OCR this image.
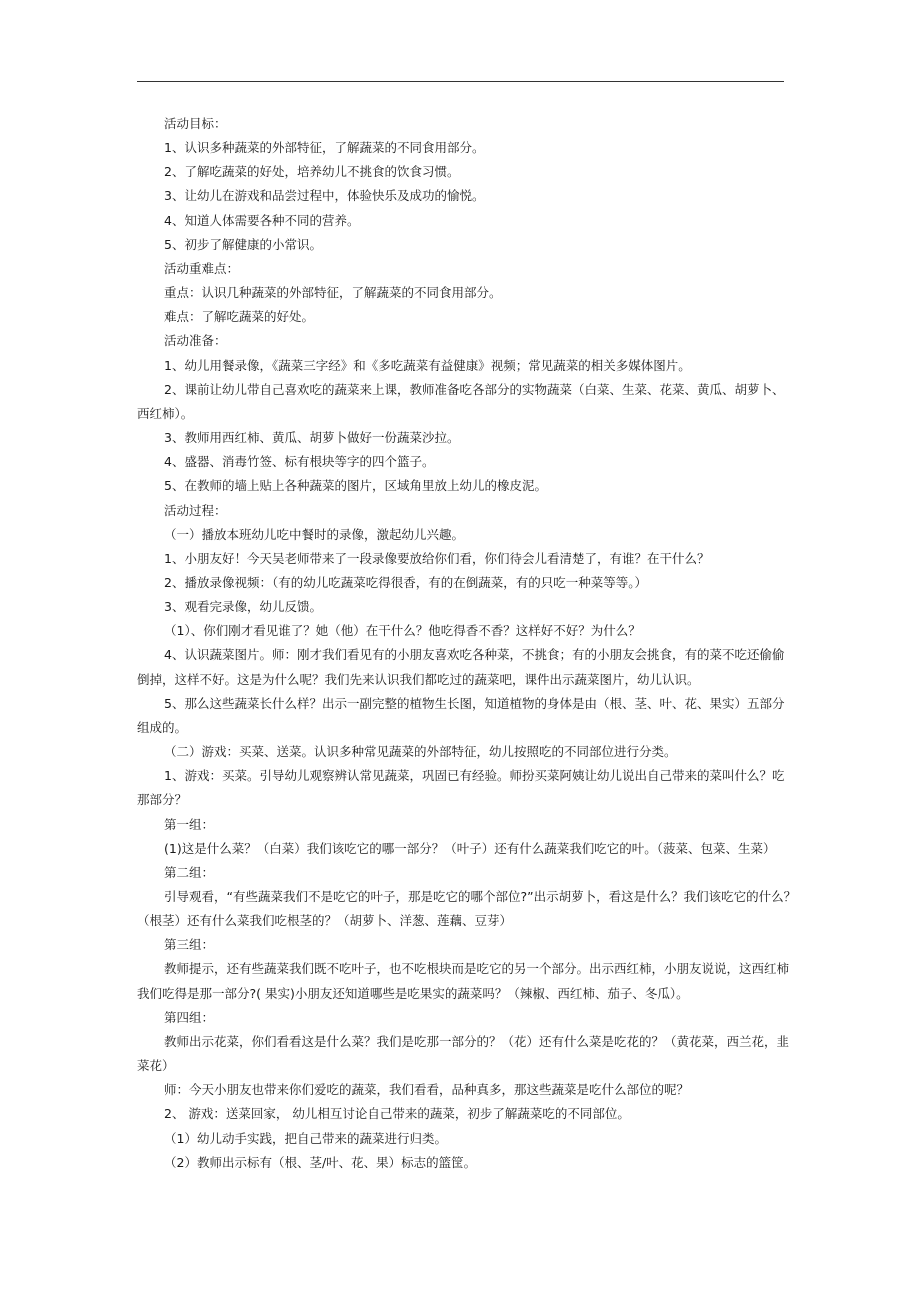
活动目标：
1、认识多种蔬菜的外部特征，了解蔬菜的不同食用部分。
2、了解吃蔬菜的好处，培养幼儿不挑食的饮食习惯。
3、让幼儿在游戏和品尝过程中，体验快乐及成功的愉悦。
4、知道人体需要各种不同的营养。
5、初步了解健康的小常识。
活动重难点：
重点：认识几种蔬菜的外部特征，了解蔬菜的不同食用部分。
难点：了解吃蔬菜的好处。
活动准备：
1、幼儿用餐录像，《蔬菜三字经》和《多吃蔬菜有益健康》视频；常见蔬菜的相关多媒体图片。
2、课前让幼儿带自己喜欢吃的蔬菜来上课，教师准备吃各部分的实物蔬菜（白菜、生菜、花菜、黄瓜、胡萝卜、
西红柿）。
3、教师用西红柿、黄瓜、胡萝卜做好一份蔬菜沙拉。
4、盛器、消毒竹签、标有根块等字的四个篮子。
5、在教师的墙上贴上各种蔬菜的图片，区域角里放上幼儿的橡皮泥。
活动过程：
（一）播放本班幼儿吃中餐时的录像，激起幼儿兴趣。
1、小朋友好！今天吴老师带来了一段录像要放给你们看，你们待会儿看清楚了，有谁？在干什么？
2、播放录像视频：（有的幼儿吃蔬菜吃得很香，有的在倒蔬菜，有的只吃一种菜等等。）
3、观看完录像，幼儿反馈。
（1）、你们刚才看见谁了？她（他）在干什么？他吃得香不香？这样好不好？为什么？
4、认识蔬菜图片。师：刚才我们看见有的小朋友喜欢吃各种菜，不挑食；有的小朋友会挑食，有的菜不吃还偷偷
倒掉，这样不好。这是为什么呢？我们先来认识我们都吃过的蔬菜吧，课件出示蔬菜图片，幼儿认识。
5、那么这些蔬菜长什么样？出示一副完整的植物生长图，知道植物的身体是由（根、茎、叶、花、果实）五部分
组成的。
（二）游戏：买菜、送菜。认识多种常见蔬菜的外部特征，幼儿按照吃的不同部位进行分类。
1、游戏：买菜。引导幼儿观察辨认常见蔬菜，巩固已有经验。师扮买菜阿姨让幼儿说出自己带来的菜叫什么？吃
那部分？
第一组：
(1)这是什么菜？（白菜）我们该吃它的哪一部分？（叶子）还有什么蔬菜我们吃它的叶。（菠菜、包菜、生菜）
第二组：
引导观看，“有些蔬菜我们不是吃它的叶子，那是吃它的哪个部位?”出示胡萝卜，看这是什么？我们该吃它的什么？
（根茎）还有什么菜我们吃根茎的？（胡萝卜、洋葱、莲藕、豆芽）
第三组：
教师提示，还有些蔬菜我们既不吃叶子，也不吃根块而是吃它的另一个部分。出示西红柿，小朋友说说，这西红柿
我们吃得是那一部分?( 果实)小朋友还知道哪些是吃果实的蔬菜吗？（辣椒、西红柿、茄子、冬瓜）。
第四组：
教师出示花菜，你们看看这是什么菜？我们是吃那一部分的？（花）还有什么菜是吃花的？（黄花菜，西兰花，韭
菜花）
师：今天小朋友也带来你们爱吃的蔬菜，我们看看，品种真多，那这些蔬菜是吃什么部位的呢？
2、 游戏：送菜回家， 幼儿相互讨论自己带来的蔬菜，初步了解蔬菜吃的不同部位。
（1）幼儿动手实践，把自己带来的蔬菜进行归类。
（2）教师出示标有（根、茎/叶、花、果）标志的篮筐。
